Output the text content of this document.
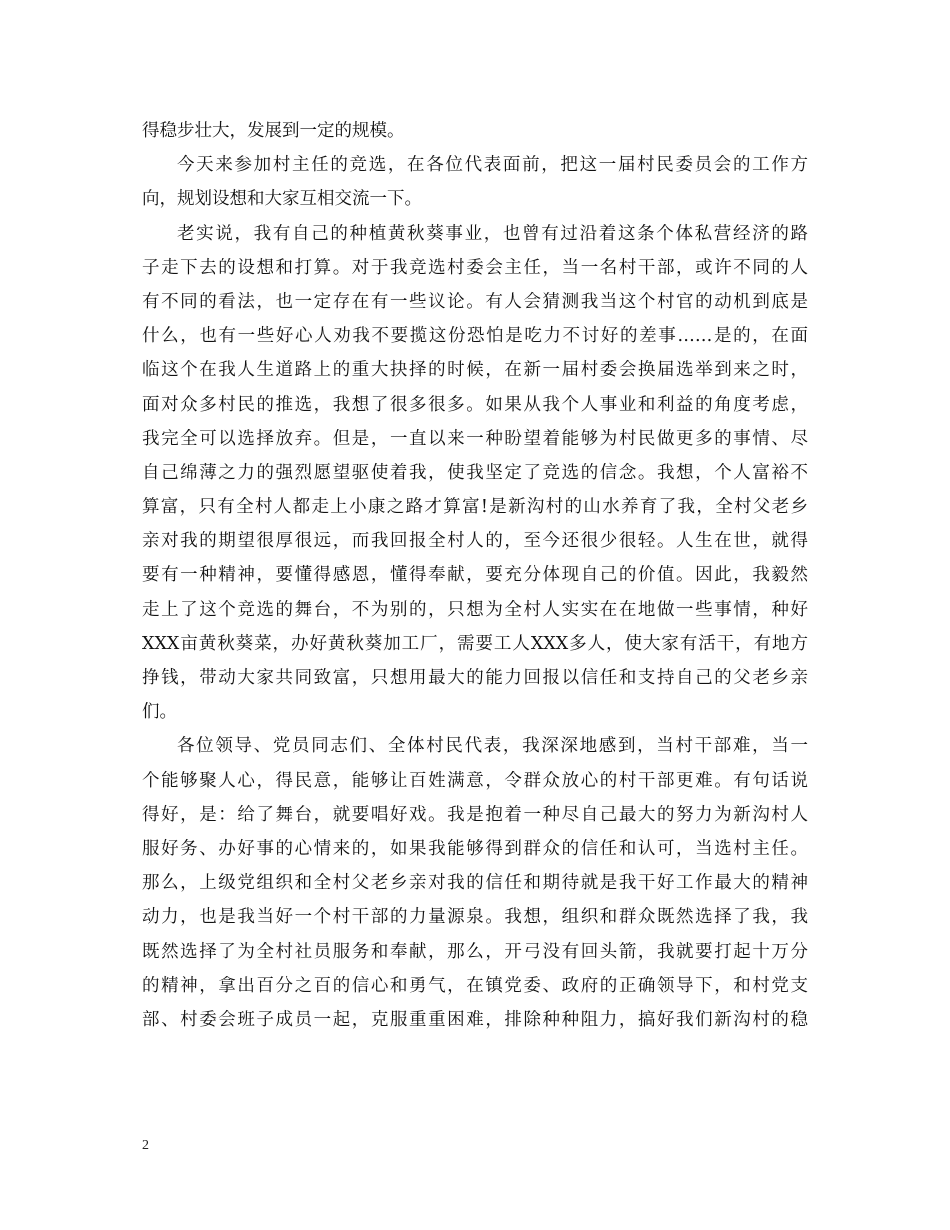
得稳步壮大，发展到一定的规模。
今天来参加村主任的竞选，在各位代表面前，把这一届村民委员会的工作方
向，规划设想和大家互相交流一下。
老实说，我有自己的种植黄秋葵事业，也曾有过沿着这条个体私营经济的路
子走下去的设想和打算。对于我竞选村委会主任，当一名村干部，或许不同的人
有不同的看法，也一定存在有一些议论。有人会猜测我当这个村官的动机到底是
什么，也有一些好心人劝我不要揽这份恐怕是吃力不讨好的差事……是的，在面
临这个在我人生道路上的重大抉择的时候，在新一届村委会换届选举到来之时，
面对众多村民的推选，我想了很多很多。如果从我个人事业和利益的角度考虑，
我完全可以选择放弃。但是，一直以来一种盼望着能够为村民做更多的事情、尽
自己绵薄之力的强烈愿望驱使着我，使我坚定了竞选的信念。我想，个人富裕不
算富，只有全村人都走上小康之路才算富!是新沟村的山水养育了我，全村父老乡
亲对我的期望很厚很远，而我回报全村人的，至今还很少很轻。人生在世，就得
要有一种精神，要懂得感恩，懂得奉献，要充分体现自己的价值。因此，我毅然
走上了这个竞选的舞台，不为别的，只想为全村人实实在在地做一些事情，种好
XXX亩黄秋葵菜，办好黄秋葵加工厂，需要工人XXX多人，使大家有活干，有地方
挣钱，带动大家共同致富，只想用最大的能力回报以信任和支持自己的父老乡亲
们。
各位领导、党员同志们、全体村民代表，我深深地感到，当村干部难，当一
个能够聚人心，得民意，能够让百姓满意，令群众放心的村干部更难。有句话说
得好，是：给了舞台，就要唱好戏。我是抱着一种尽自己最大的努力为新沟村人
服好务、办好事的心情来的，如果我能够得到群众的信任和认可，当选村主任。
那么，上级党组织和全村父老乡亲对我的信任和期待就是我干好工作最大的精神
动力，也是我当好一个村干部的力量源泉。我想，组织和群众既然选择了我，我
既然选择了为全村社员服务和奉献，那么，开弓没有回头箭，我就要打起十万分
的精神，拿出百分之百的信心和勇气，在镇党委、政府的正确领导下，和村党支
部、村委会班子成员一起，克服重重困难，排除种种阻力，搞好我们新沟村的稳
2
